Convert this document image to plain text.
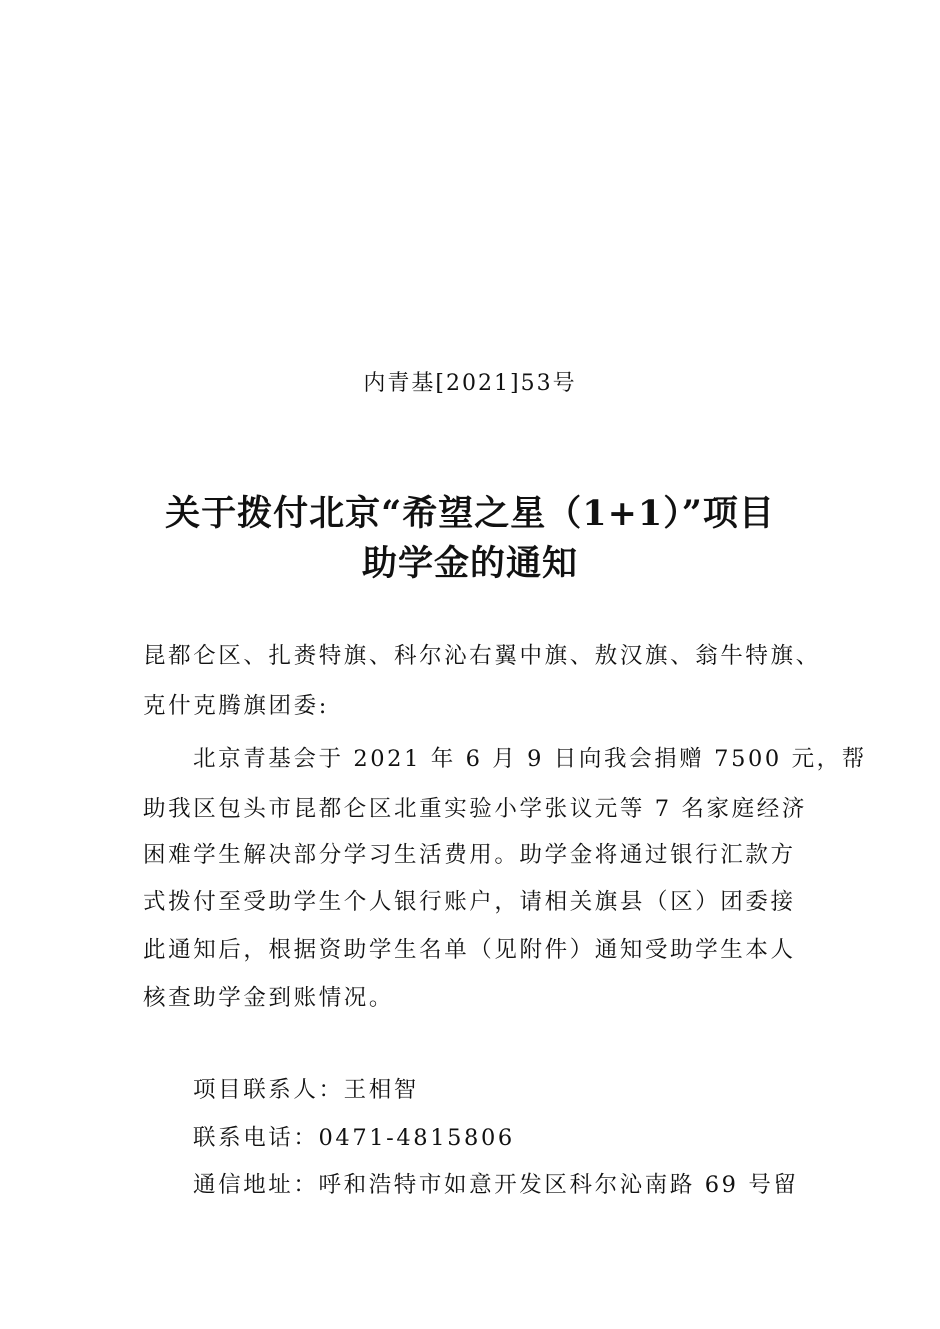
内青基[2021]53号
关于拨付北京“希望之星（1+1）”项目
助学金的通知
昆都仑区、扎赉特旗、科尔沁右翼中旗、敖汉旗、翁牛特旗、
克什克腾旗团委:
北京青基会于 2021 年 6 月 9 日向我会捐赠 7500 元，帮
助我区包头市昆都仑区北重实验小学张议元等 7 名家庭经济
困难学生解决部分学习生活费用。助学金将通过银行汇款方
式拨付至受助学生个人银行账户，请相关旗县（区）团委接
此通知后，根据资助学生名单（见附件）通知受助学生本人
核查助学金到账情况。
项目联系人：王相智
联系电话：0471-4815806
通信地址：呼和浩特市如意开发区科尔沁南路 69 号留
